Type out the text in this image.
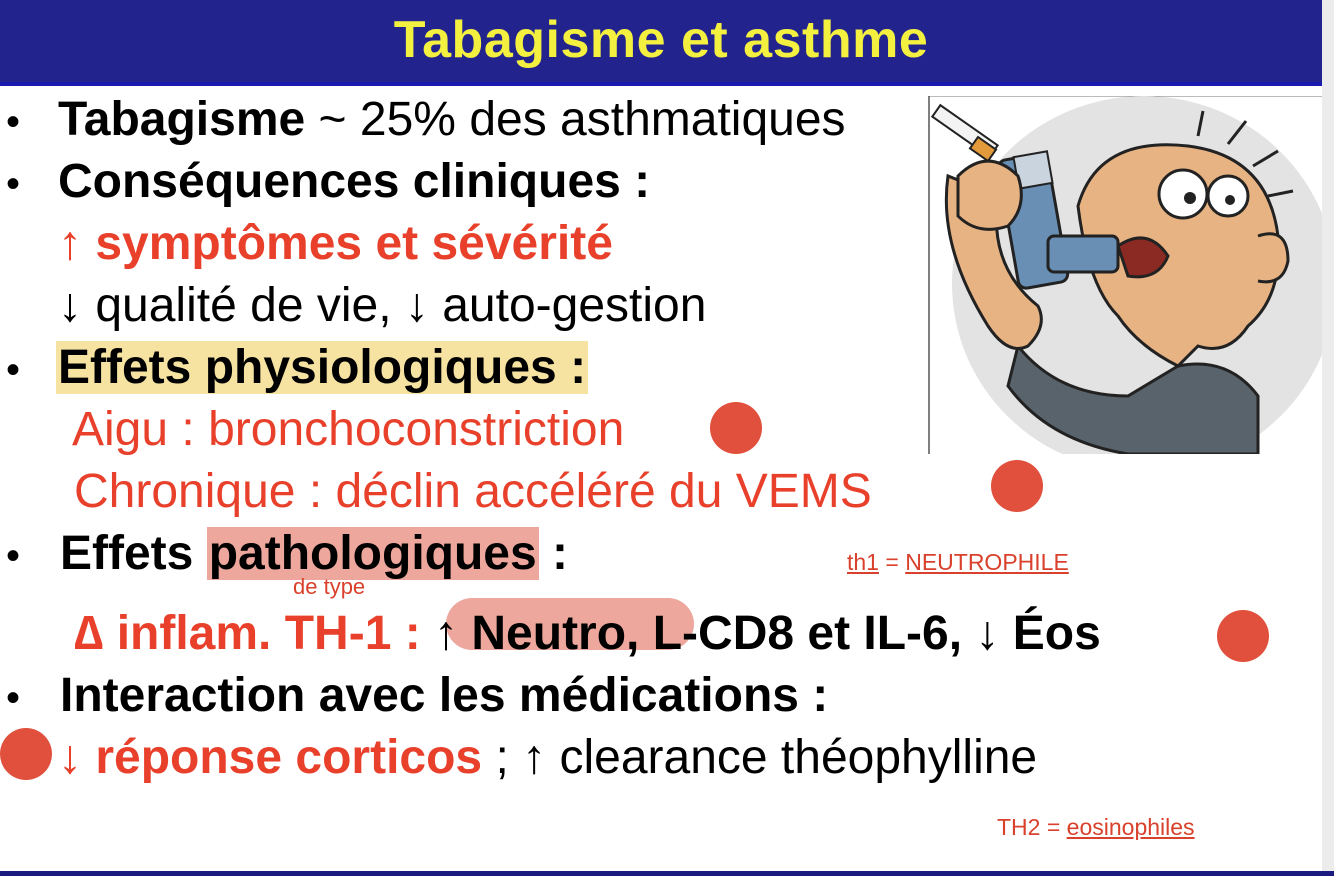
Tabagisme et asthme
• Tabagisme ~ 25% des asthmatiques
• Conséquences cliniques :
↑ symptômes et sévérité
↓ qualité de vie, ↓ auto-gestion
• Effets physiologiques :
Aigu : bronchoconstriction
Chronique : déclin accéléré du VEMS
• Effets pathologiques :
de type
∆ inflam. TH-1 : ↑ Neutro, L-CD8 et IL-6, ↓ Éos
• Interaction avec les médications :
↓ réponse corticos ; ↑ clearance théophylline
th1 = NEUTROPHILE
TH2 = eosinophiles
